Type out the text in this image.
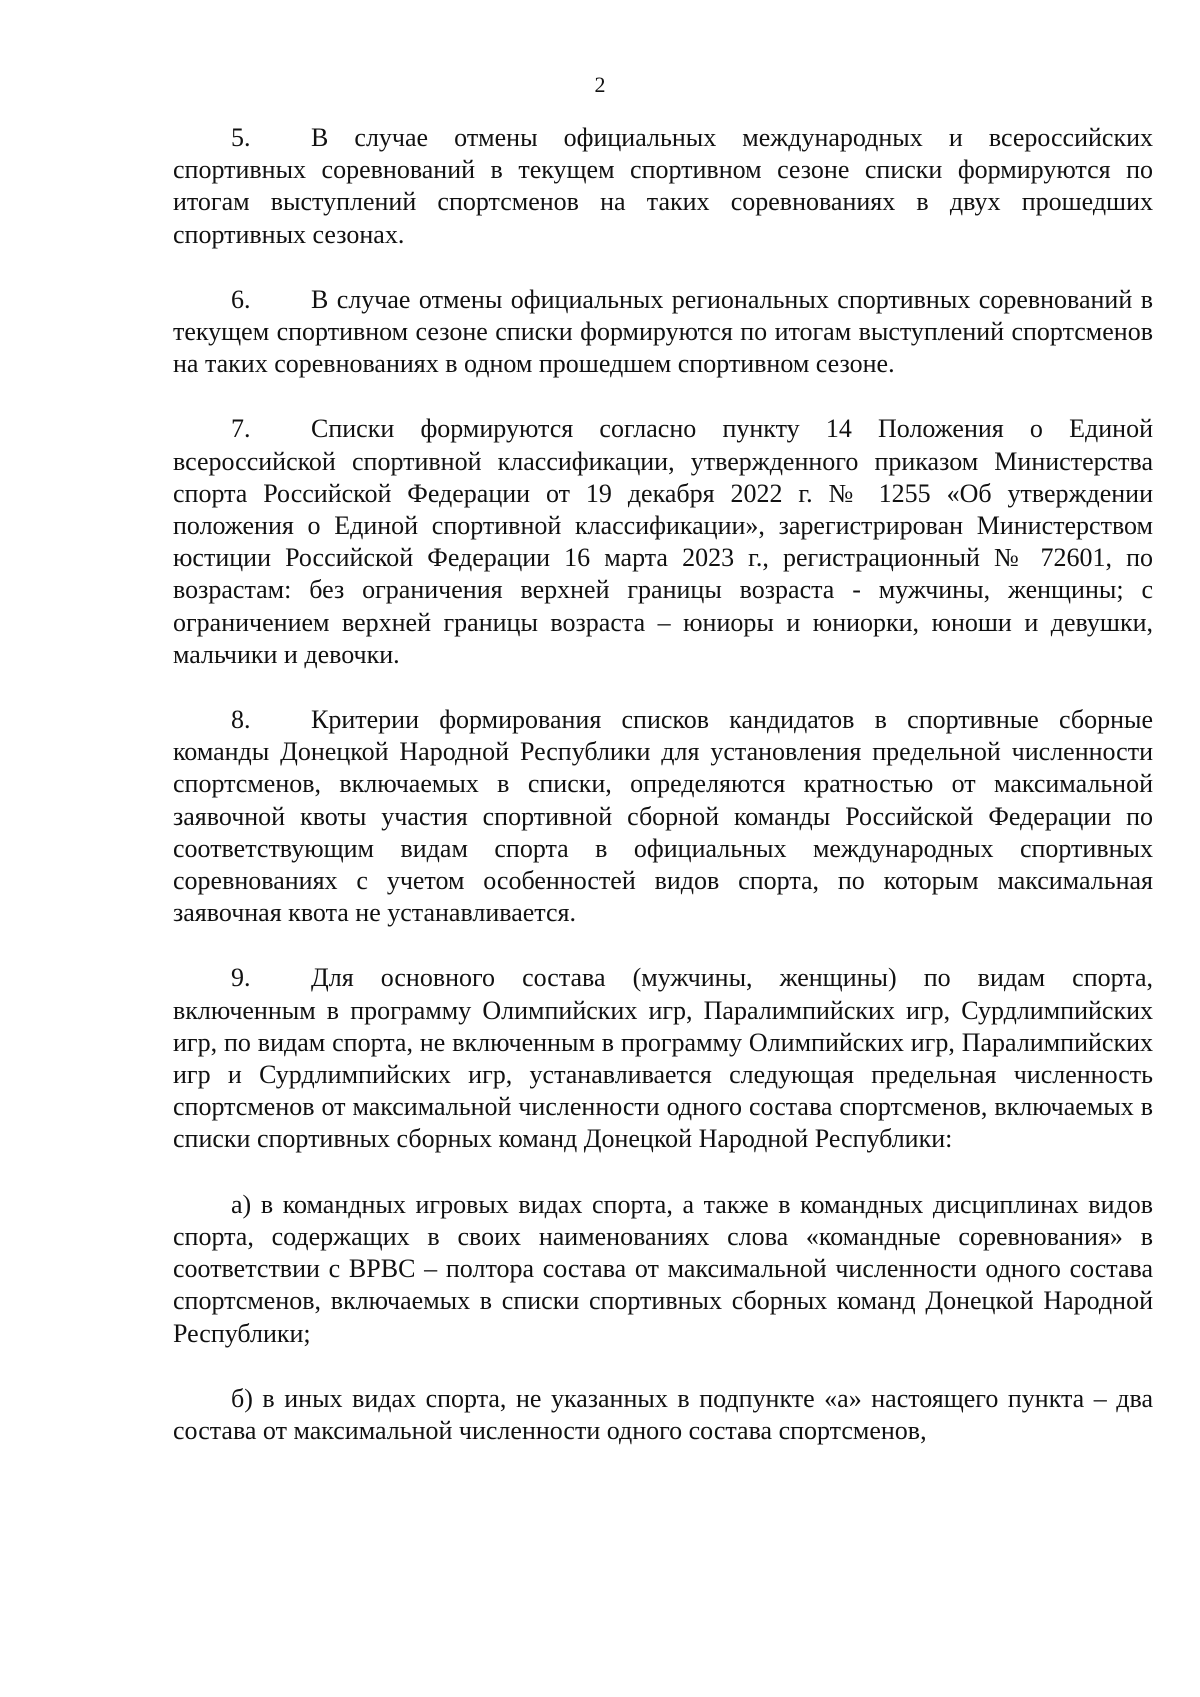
2

5. В случае отмены официальных международных и всероссийских спортивных соревнований в текущем спортивном сезоне списки формируются по итогам выступлений спортсменов на таких соревнованиях в двух прошедших спортивных сезонах.

6. В случае отмены официальных региональных спортивных соревнований в текущем спортивном сезоне списки формируются по итогам выступлений спортсменов на таких соревнованиях в одном прошедшем спортивном сезоне.

7. Списки формируются согласно пункту 14 Положения о Единой всероссийской спортивной классификации, утвержденного приказом Министерства спорта Российской Федерации от 19 декабря 2022 г. № 1255 «Об утверждении положения о Единой спортивной классификации», зарегистрирован Министерством юстиции Российской Федерации 16 марта 2023 г., регистрационный № 72601, по возрастам: без ограничения верхней границы возраста - мужчины, женщины; с ограничением верхней границы возраста – юниоры и юниорки, юноши и девушки, мальчики и девочки.

8. Критерии формирования списков кандидатов в спортивные сборные команды Донецкой Народной Республики для установления предельной численности спортсменов, включаемых в списки, определяются кратностью от максимальной заявочной квоты участия спортивной сборной команды Российской Федерации по соответствующим видам спорта в официальных международных спортивных соревнованиях с учетом особенностей видов спорта, по которым максимальная заявочная квота не устанавливается.

9. Для основного состава (мужчины, женщины) по видам спорта, включенным в программу Олимпийских игр, Паралимпийских игр, Сурдлимпийских игр, по видам спорта, не включенным в программу Олимпийских игр, Паралимпийских игр и Сурдлимпийских игр, устанавливается следующая предельная численность спортсменов от максимальной численности одного состава спортсменов, включаемых в списки спортивных сборных команд Донецкой Народной Республики:

а) в командных игровых видах спорта, а также в командных дисциплинах видов спорта, содержащих в своих наименованиях слова «командные соревнования» в соответствии с ВРВС – полтора состава от максимальной численности одного состава спортсменов, включаемых в списки спортивных сборных команд Донецкой Народной Республики;

б) в иных видах спорта, не указанных в подпункте «а» настоящего пункта – два состава от максимальной численности одного состава спортсменов,
